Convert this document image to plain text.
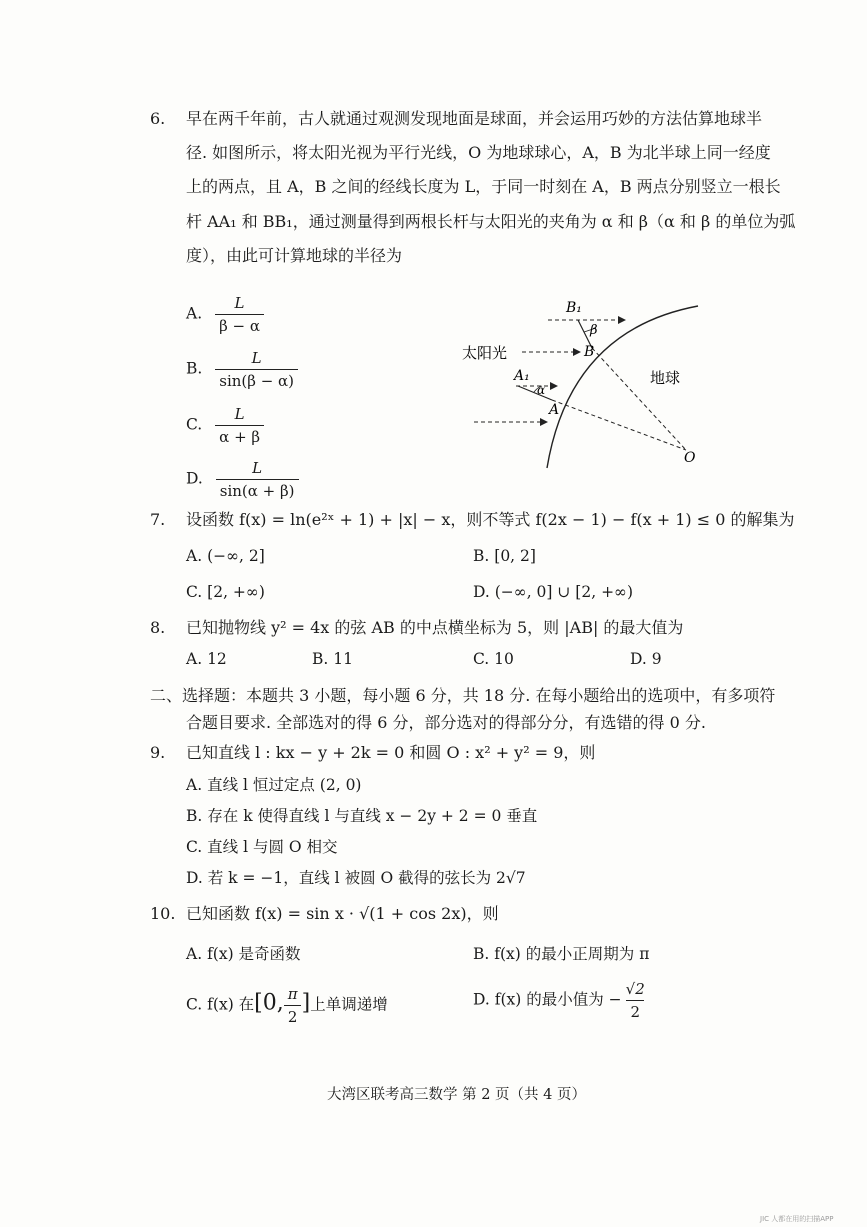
6. 早在两千年前，古人就通过观测发现地面是球面，并会运用巧妙的方法估算地球半
径. 如图所示，将太阳光视为平行光线，O 为地球球心，A，B 为北半球上同一经度
上的两点，且 A，B 之间的经线长度为 L，于同一时刻在 A，B 两点分别竖立一根长
杆 AA₁ 和 BB₁，通过测量得到两根长杆与太阳光的夹角为 α 和 β（α 和 β 的单位为弧
度），由此可计算地球的半径为
A. $\frac{L}{\beta - \alpha}$
B. $\frac{L}{\sin(\beta - \alpha)}$
C. $\frac{L}{\alpha + \beta}$
D. $\frac{L}{\sin(\alpha + \beta)}$
太阳光
地球
B₁
B
A₁
A
O
β
α
7. 设函数 f(x) = ln(e²ˣ + 1) + |x| − x，则不等式 f(2x − 1) − f(x + 1) ≤ 0 的解集为
A. (−∞, 2]	B. [0, 2]
C. [2, +∞)	D. (−∞, 0] ∪ [2, +∞)
8. 已知抛物线 y² = 4x 的弦 AB 的中点横坐标为 5，则 |AB| 的最大值为
A. 12	B. 11	C. 10	D. 9
二、选择题：本题共 3 小题，每小题 6 分，共 18 分. 在每小题给出的选项中，有多项符
合题目要求. 全部选对的得 6 分，部分选对的得部分分，有选错的得 0 分.
9. 已知直线 l : kx − y + 2k = 0 和圆 O : x² + y² = 9，则
A. 直线 l 恒过定点 (2, 0)
B. 存在 k 使得直线 l 与直线 x − 2y + 2 = 0 垂直
C. 直线 l 与圆 O 相交
D. 若 k = −1，直线 l 被圆 O 截得的弦长为 2√7
10. 已知函数 f(x) = sin x · √(1 + cos 2x)，则
A. f(x) 是奇函数	B. f(x) 的最小正周期为 π
C. f(x) 在[0, $\frac{\pi}{2}$ ]上单调递增	D. f(x) 的最小值为 − $\frac{√2}{2}$
大湾区联考高三数学 第 2 页（共 4 页）
JIC 人都在用的扫描APP
